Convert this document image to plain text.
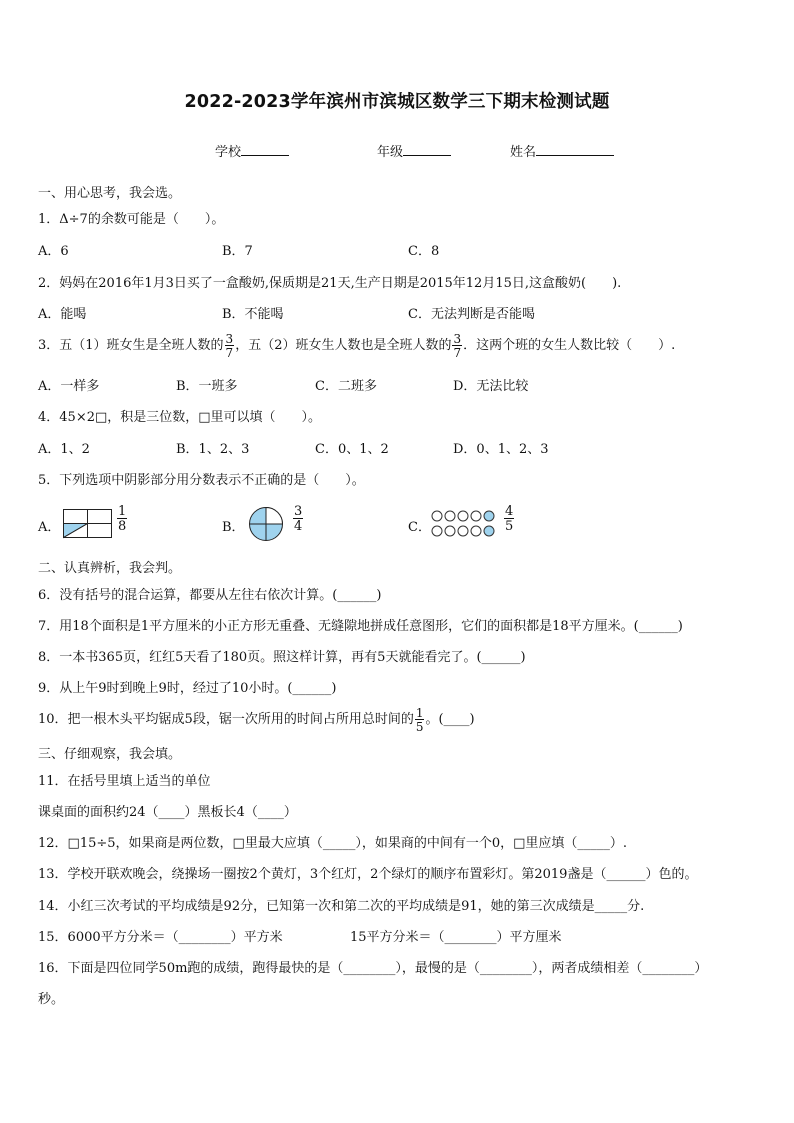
2022-2023学年滨州市滨城区数学三下期末检测试题
学校	年级	姓名
一、用心思考，我会选。
1．Δ÷7的余数可能是（　　）。
A．6	B．7	C．8
2．妈妈在2016年1月3日买了一盒酸奶,保质期是21天,生产日期是2015年12月15日,这盒酸奶(　　).
A．能喝	B．不能喝	C．无法判断是否能喝
3．五（1）班女生是全班人数的 $\frac{3}{7}$ ，五（2）班女生人数也是全班人数的 $\frac{3}{7}$ ．这两个班的女生人数比较（　　）.
A．一样多	B．一班多	C．二班多	D．无法比较
4．45×2□，积是三位数，□里可以填（　　）。
A．1、2	B．1、2、3	C．0、1、2	D．0、1、2、3
5．下列选项中阴影部分用分数表示不正确的是（　　）。
A．	$\frac{1}{8}$	B．	$\frac{3}{4}$	C．	$\frac{4}{5}$
二、认真辨析，我会判。
6．没有括号的混合运算，都要从左往右依次计算。(______)
7．用18个面积是1平方厘米的小正方形无重叠、无缝隙地拼成任意图形，它们的面积都是18平方厘米。(______)
8．一本书365页，红红5天看了180页。照这样计算，再有5天就能看完了。(______)
9．从上午9时到晚上9时，经过了10小时。(______)
10．把一根木头平均锯成5段，锯一次所用的时间占所用总时间的 $\frac{1}{5}$ 。(____)
三、仔细观察，我会填。
11．在括号里填上适当的单位
课桌面的面积约24（____）黑板长4（____）
12．□15÷5，如果商是两位数，□里最大应填（_____），如果商的中间有一个0，□里应填（_____）.
13．学校开联欢晚会，绕操场一圈按2个黄灯，3个红灯，2个绿灯的顺序布置彩灯。第2019盏是（______）色的。
14．小红三次考试的平均成绩是92分，已知第一次和第二次的平均成绩是91，她的第三次成绩是_____分.
15．6000平方分米＝（________）平方米	15平方分米＝（________）平方厘米
16．下面是四位同学50m跑的成绩，跑得最快的是（________），最慢的是（________），两者成绩相差（________）
秒。
